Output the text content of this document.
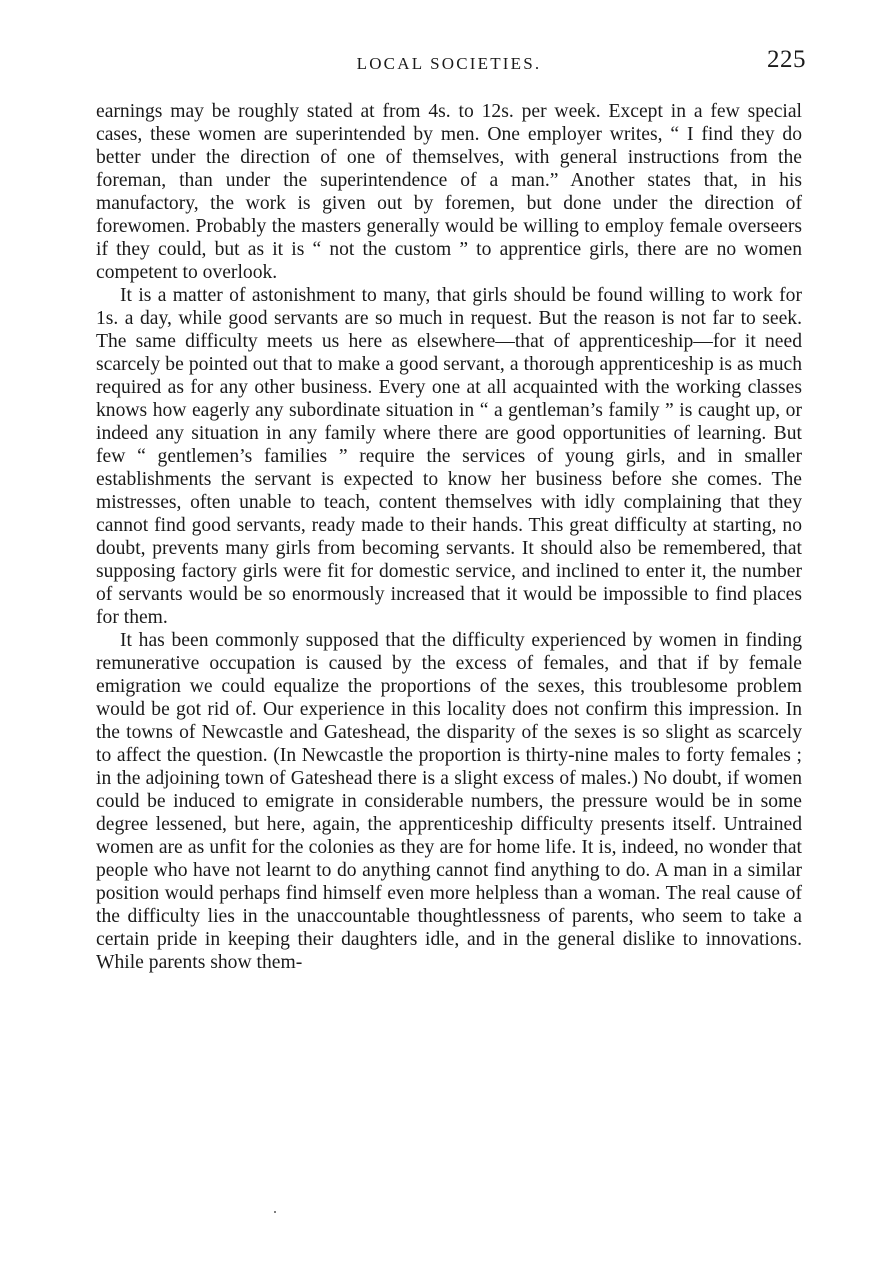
LOCAL SOCIETIES.	225

earnings may be roughly stated at from 4s. to 12s. per week. Except in a few special cases, these women are superintended by men. One employer writes, “ I find they do better under the direction of one of themselves, with general instructions from the foreman, than under the superintendence of a man.” Another states that, in his manufactory, the work is given out by foremen, but done under the direction of forewomen. Probably the masters generally would be willing to employ female overseers if they could, but as it is “ not the custom ” to apprentice girls, there are no women competent to overlook.

It is a matter of astonishment to many, that girls should be found willing to work for 1s. a day, while good servants are so much in request. But the reason is not far to seek. The same difficulty meets us here as elsewhere—that of apprenticeship—for it need scarcely be pointed out that to make a good servant, a thorough apprenticeship is as much required as for any other business. Every one at all acquainted with the working classes knows how eagerly any subordinate situation in “ a gentleman’s family ” is caught up, or indeed any situation in any family where there are good opportunities of learning. But few “ gentlemen’s families ” require the services of young girls, and in smaller establishments the servant is expected to know her business before she comes. The mistresses, often unable to teach, content themselves with idly complaining that they cannot find good servants, ready made to their hands. This great difficulty at starting, no doubt, prevents many girls from becoming servants. It should also be remembered, that supposing factory girls were fit for domestic service, and inclined to enter it, the number of servants would be so enormously increased that it would be impossible to find places for them.

It has been commonly supposed that the difficulty experienced by women in finding remunerative occupation is caused by the excess of females, and that if by female emigration we could equalize the proportions of the sexes, this troublesome problem would be got rid of. Our experience in this locality does not confirm this impression. In the towns of Newcastle and Gateshead, the disparity of the sexes is so slight as scarcely to affect the question. (In Newcastle the proportion is thirty-nine males to forty females ; in the adjoining town of Gateshead there is a slight excess of males.) No doubt, if women could be induced to emigrate in considerable numbers, the pressure would be in some degree lessened, but here, again, the apprenticeship difficulty presents itself. Untrained women are as unfit for the colonies as they are for home life. It is, indeed, no wonder that people who have not learnt to do anything cannot find anything to do. A man in a similar position would perhaps find himself even more helpless than a woman. The real cause of the difficulty lies in the unaccountable thoughtlessness of parents, who seem to take a certain pride in keeping their daughters idle, and in the general dislike to innovations. While parents show them-
